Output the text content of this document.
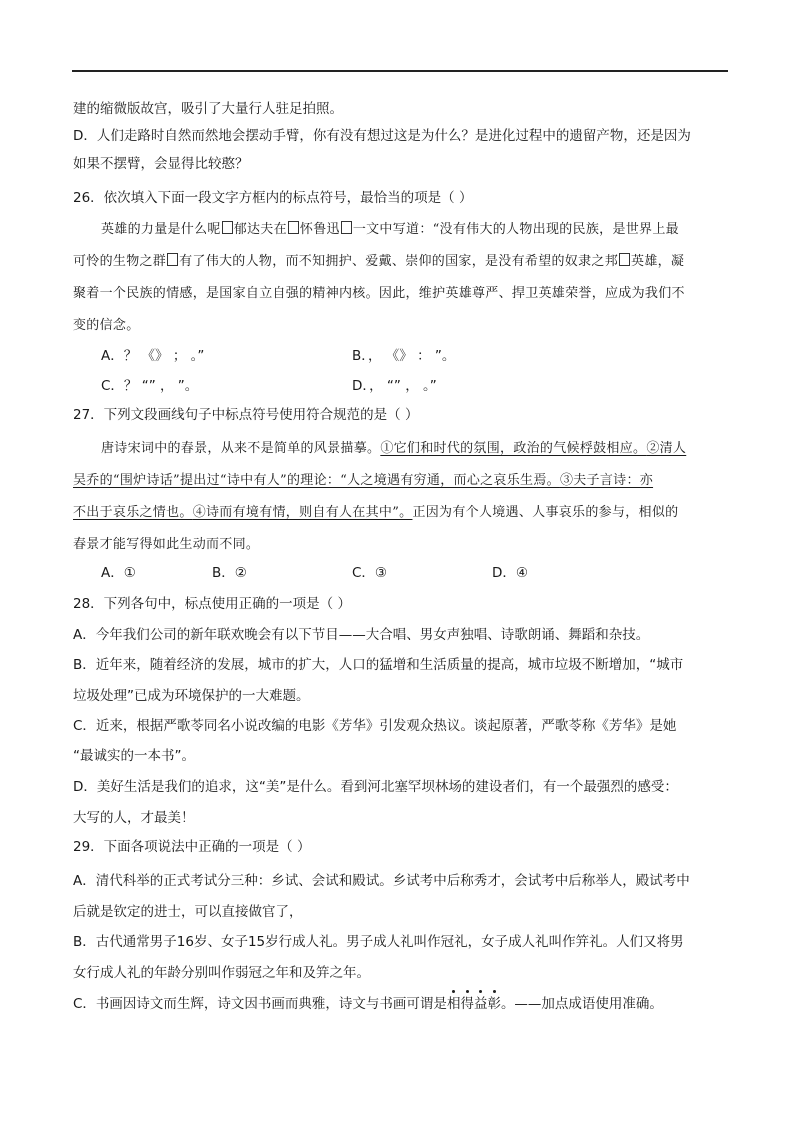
建的缩微版故宫，吸引了大量行人驻足拍照。
D．人们走路时自然而然地会摆动手臂，你有没有想过这是为什么？是进化过程中的遗留产物，还是因为
如果不摆臂，会显得比较憨？
26．依次填入下面一段文字方框内的标点符号，最恰当的项是（ ）
英雄的力量是什么呢 郁达夫在 怀鲁迅 一文中写道：“没有伟大的人物出现的民族，是世界上最
可怜的生物之群 有了伟大的人物，而不知拥护、爱戴、崇仰的国家，是没有希望的奴隶之邦 英雄，凝
聚着一个民族的情感，是国家自立自强的精神内核。因此，维护英雄尊严、捍卫英雄荣誉，应成为我们不
变的信念。
A．？ 《》 ； 。”	B．， 《》 ： ”。
C．？ “” ， ”。	D．， “” ， 。”
27．下列文段画线句子中标点符号使用符合规范的是（ ）
唐诗宋词中的春景，从来不是简单的风景描摹。①它们和时代的氛围，政治的气候桴鼓相应。②清人
吴乔的“围炉诗话”提出过“诗中有人”的理论：“人之境遇有穷通，而心之哀乐生焉。③夫子言诗：亦
不出于哀乐之情也。④诗而有境有情，则自有人在其中”。正因为有个人境遇、人事哀乐的参与，相似的
春景才能写得如此生动而不同。
A．①	B．②	C．③	D．④
28．下列各句中，标点使用正确的一项是（ ）
A．今年我们公司的新年联欢晚会有以下节目——大合唱、男女声独唱、诗歌朗诵、舞蹈和杂技。
B．近年来，随着经济的发展，城市的扩大，人口的猛增和生活质量的提高，城市垃圾不断增加，“城市
垃圾处理”已成为环境保护的一大难题。
C．近来，根据严歌苓同名小说改编的电影《芳华》引发观众热议。谈起原著，严歌苓称《芳华》是她
“最诚实的一本书”。
D．美好生活是我们的追求，这“美”是什么。看到河北塞罕坝林场的建设者们，有一个最强烈的感受：
大写的人，才最美！
29．下面各项说法中正确的一项是（ ）
A．清代科举的正式考试分三种：乡试、会试和殿试。乡试考中后称秀才，会试考中后称举人，殿试考中
后就是钦定的进士，可以直接做官了，
B．古代通常男子16岁、女子15岁行成人礼。男子成人礼叫作冠礼，女子成人礼叫作笄礼。人们又将男
女行成人礼的年龄分别叫作弱冠之年和及笄之年。
C．书画因诗文而生辉，诗文因书画而典雅，诗文与书画可谓是相得益彰。——加点成语使用准确。
